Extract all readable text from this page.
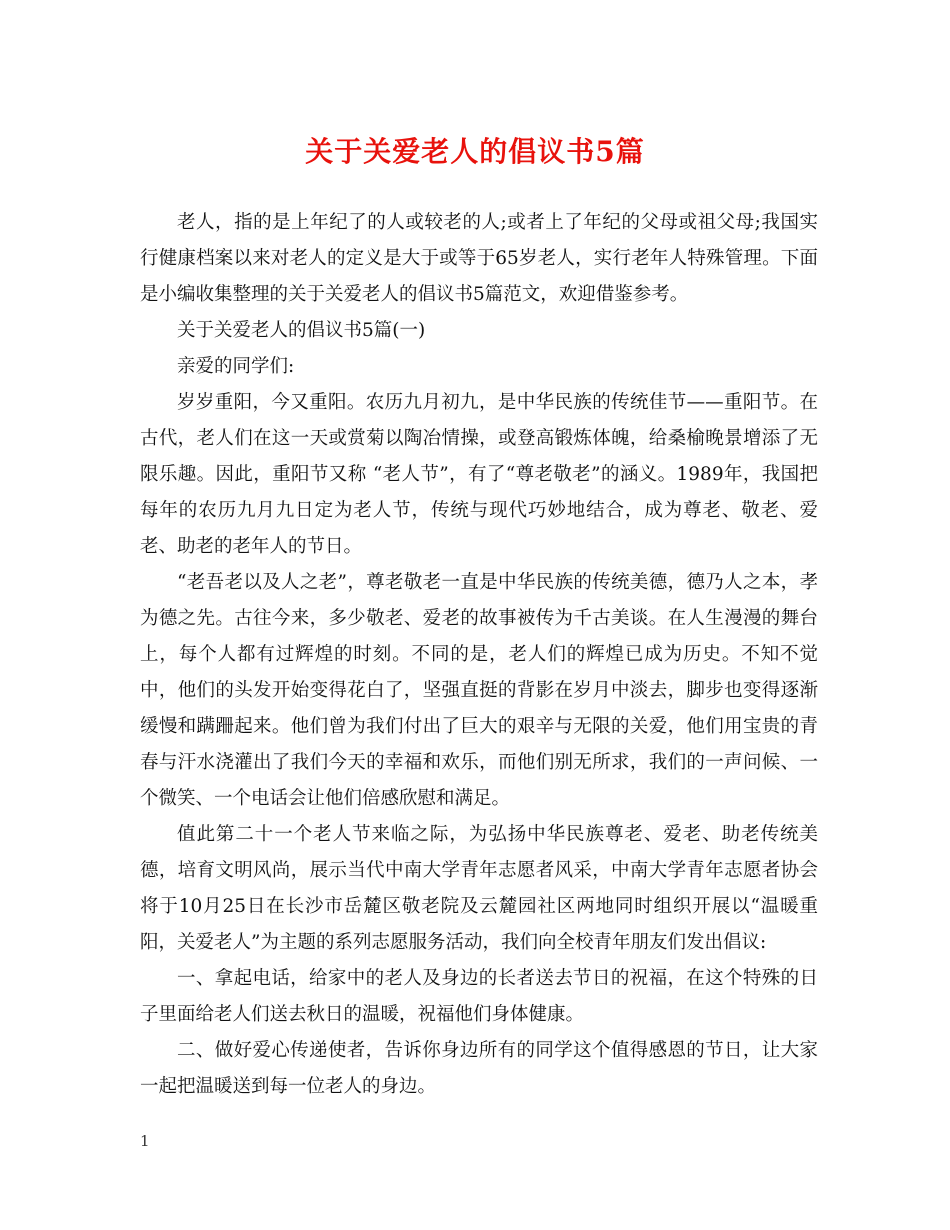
关于关爱老人的倡议书5篇

老人，指的是上年纪了的人或较老的人;或者上了年纪的父母或祖父母;我国实行健康档案以来对老人的定义是大于或等于65岁老人，实行老年人特殊管理。下面是小编收集整理的关于关爱老人的倡议书5篇范文，欢迎借鉴参考。

关于关爱老人的倡议书5篇(一)

亲爱的同学们:

岁岁重阳，今又重阳。农历九月初九，是中华民族的传统佳节——重阳节。在古代，老人们在这一天或赏菊以陶冶情操，或登高锻炼体魄，给桑榆晚景增添了无限乐趣。因此，重阳节又称 “老人节”，有了“尊老敬老”的涵义。1989年，我国把每年的农历九月九日定为老人节，传统与现代巧妙地结合，成为尊老、敬老、爱老、助老的老年人的节日。

“老吾老以及人之老”，尊老敬老一直是中华民族的传统美德，德乃人之本，孝为德之先。古往今来，多少敬老、爱老的故事被传为千古美谈。在人生漫漫的舞台上，每个人都有过辉煌的时刻。不同的是，老人们的辉煌已成为历史。不知不觉中，他们的头发开始变得花白了，坚强直挺的背影在岁月中淡去，脚步也变得逐渐缓慢和蹒跚起来。他们曾为我们付出了巨大的艰辛与无限的关爱，他们用宝贵的青春与汗水浇灌出了我们今天的幸福和欢乐，而他们别无所求，我们的一声问候、一个微笑、一个电话会让他们倍感欣慰和满足。

值此第二十一个老人节来临之际，为弘扬中华民族尊老、爱老、助老传统美德，培育文明风尚，展示当代中南大学青年志愿者风采，中南大学青年志愿者协会将于10月25日在长沙市岳麓区敬老院及云麓园社区两地同时组织开展以“温暖重阳，关爱老人”为主题的系列志愿服务活动，我们向全校青年朋友们发出倡议:

一、拿起电话，给家中的老人及身边的长者送去节日的祝福，在这个特殊的日子里面给老人们送去秋日的温暖，祝福他们身体健康。

二、做好爱心传递使者，告诉你身边所有的同学这个值得感恩的节日，让大家一起把温暖送到每一位老人的身边。

1
